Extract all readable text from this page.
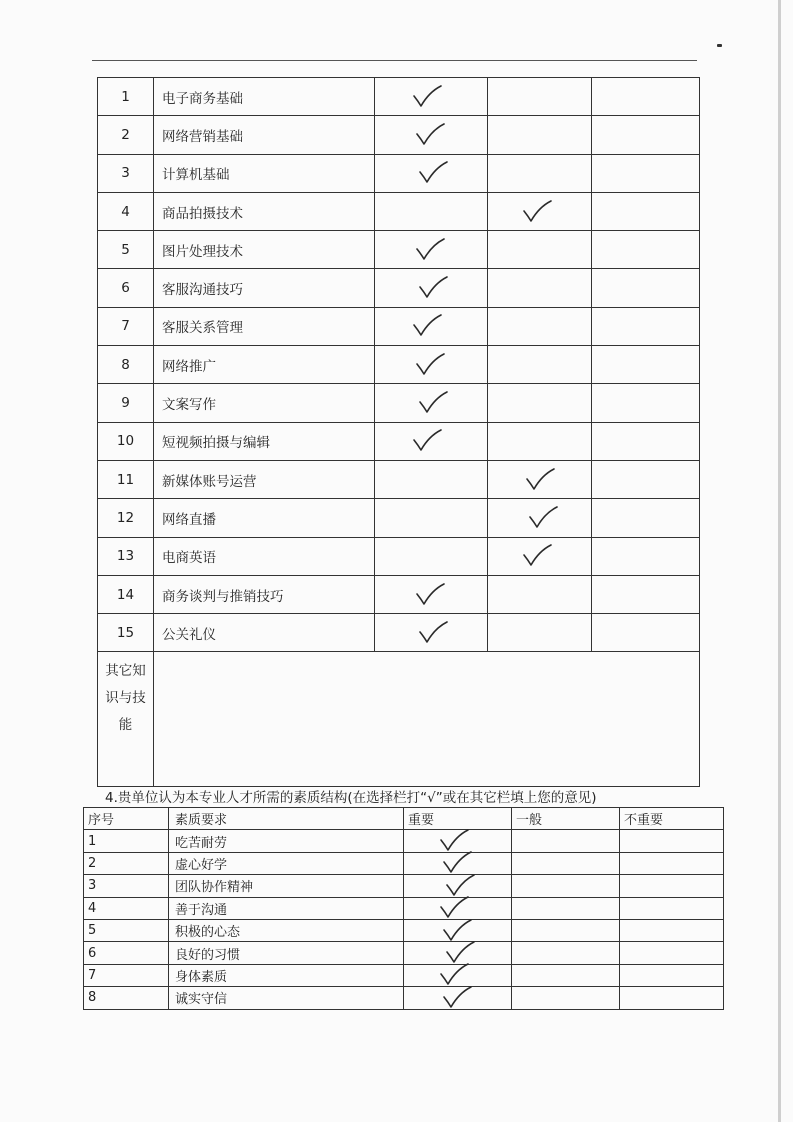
1	电子商务基础			
2	网络营销基础			
3	计算机基础			
4	商品拍摄技术			
5	图片处理技术			
6	客服沟通技巧			
7	客服关系管理			
8	网络推广			
9	文案写作			
10	短视频拍摄与编辑			
11	新媒体账号运营			
12	网络直播			
13	电商英语			
14	商务谈判与推销技巧			
15	公关礼仪			

其它知
识与技
能				

4.贵单位认为本专业人才所需的素质结构(在选择栏打“√”或在其它栏填上您的意见)
序号	素质要求	重要	一般	不重要
1	吃苦耐劳			
2	虚心好学			
3	团队协作精神			
4	善于沟通			
5	积极的心态			
6	良好的习惯			
7	身体素质			
8	诚实守信			
